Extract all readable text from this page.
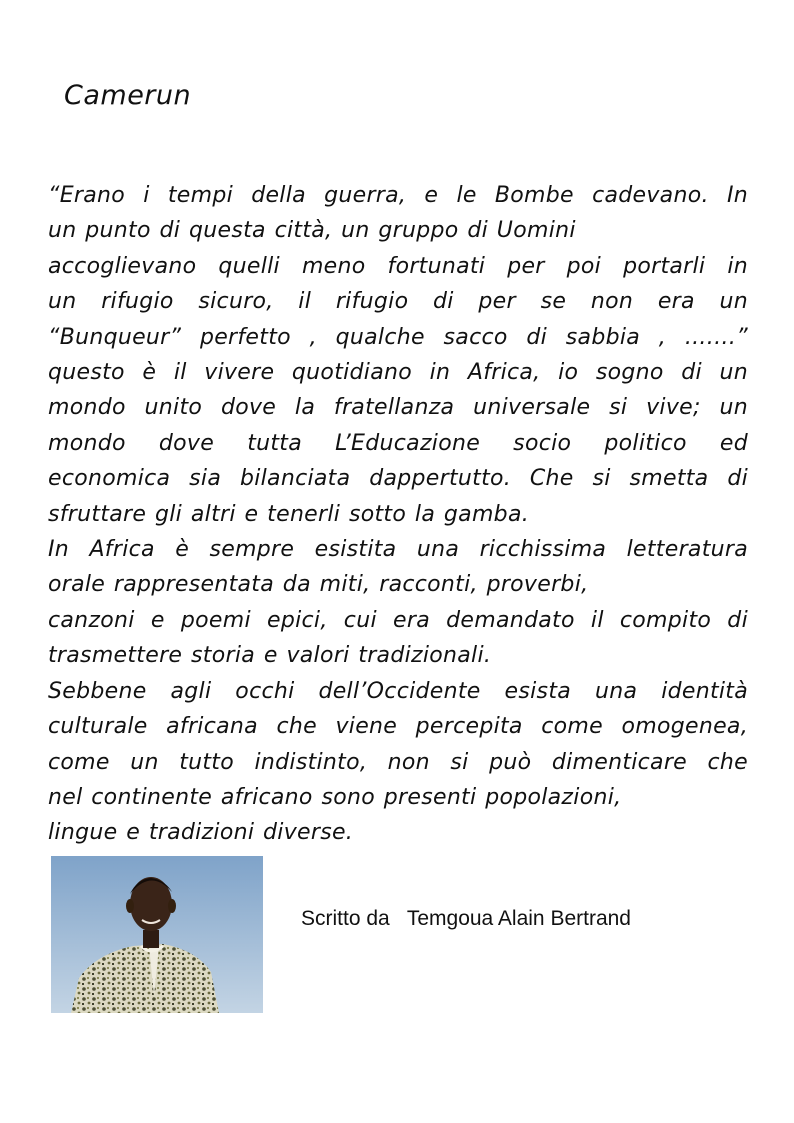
Camerun
“Erano i tempi della guerra, e le Bombe cadevano. In
un punto di questa città, un gruppo di Uomini
accoglievano quelli meno fortunati per poi portarli in
un rifugio sicuro, il rifugio di per se non era un
“Bunqueur” perfetto , qualche sacco di sabbia , ....…”
questo è il vivere quotidiano in Africa, io sogno di un
mondo unito dove la fratellanza universale si vive; un
mondo dove tutta L’Educazione socio politico ed
economica sia bilanciata dappertutto. Che si smetta di
sfruttare gli altri e tenerli sotto la gamba.
In Africa è sempre esistita una ricchissima letteratura
orale rappresentata da miti, racconti, proverbi,
canzoni e poemi epici, cui era demandato il compito di
trasmettere storia e valori tradizionali.
Sebbene agli occhi dell’Occidente esista una identità
culturale africana che viene percepita come omogenea,
come un tutto indistinto, non si può dimenticare che
nel continente africano sono presenti popolazioni,
lingue e tradizioni diverse.
Scritto da Temgoua Alain Bertrand
